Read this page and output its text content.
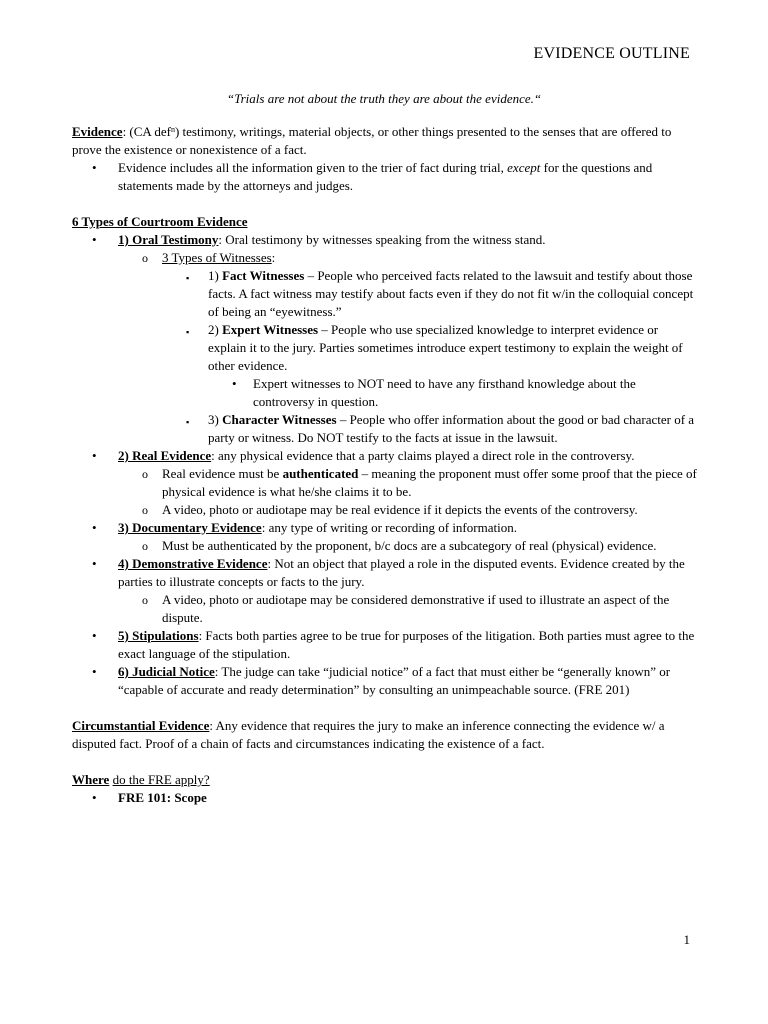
EVIDENCE OUTLINE
“Trials are not about the truth they are about the evidence.“

Evidence: (CA def$^n$) testimony, writings, material objects, or other things presented to the senses that are offered to prove the existence or nonexistence of a fact.

• Evidence includes all the information given to the trier of fact during trial, except for the questions and statements made by the attorneys and judges.

6 Types of Courtroom Evidence

• 1) Oral Testimony: Oral testimony by witnesses speaking from the witness stand.
o 3 Types of Witnesses:
▪ 1) Fact Witnesses – People who perceived facts related to the lawsuit and testify about those facts. A fact witness may testify about facts even if they do not fit w/in the colloquial concept of being an “eyewitness.”
▪ 2) Expert Witnesses – People who use specialized knowledge to interpret evidence or explain it to the jury. Parties sometimes introduce expert testimony to explain the weight of other evidence.
• Expert witnesses to NOT need to have any firsthand knowledge about the controversy in question.
▪ 3) Character Witnesses – People who offer information about the good or bad character of a party or witness. Do NOT testify to the facts at issue in the lawsuit.
• 2) Real Evidence: any physical evidence that a party claims played a direct role in the controversy.
o Real evidence must be authenticated – meaning the proponent must offer some proof that the piece of physical evidence is what he/she claims it to be.
o A video, photo or audiotape may be real evidence if it depicts the events of the controversy.
• 3) Documentary Evidence: any type of writing or recording of information.
o Must be authenticated by the proponent, b/c docs are a subcategory of real (physical) evidence.
• 4) Demonstrative Evidence: Not an object that played a role in the disputed events. Evidence created by the parties to illustrate concepts or facts to the jury.
o A video, photo or audiotape may be considered demonstrative if used to illustrate an aspect of the dispute.
• 5) Stipulations: Facts both parties agree to be true for purposes of the litigation. Both parties must agree to the exact language of the stipulation.
• 6) Judicial Notice: The judge can take “judicial notice” of a fact that must either be “generally known” or “capable of accurate and ready determination” by consulting an unimpeachable source. (FRE 201)

Circumstantial Evidence: Any evidence that requires the jury to make an inference connecting the evidence w/ a disputed fact. Proof of a chain of facts and circumstances indicating the existence of a fact.

Where do the FRE apply?

• FRE 101: Scope
1
